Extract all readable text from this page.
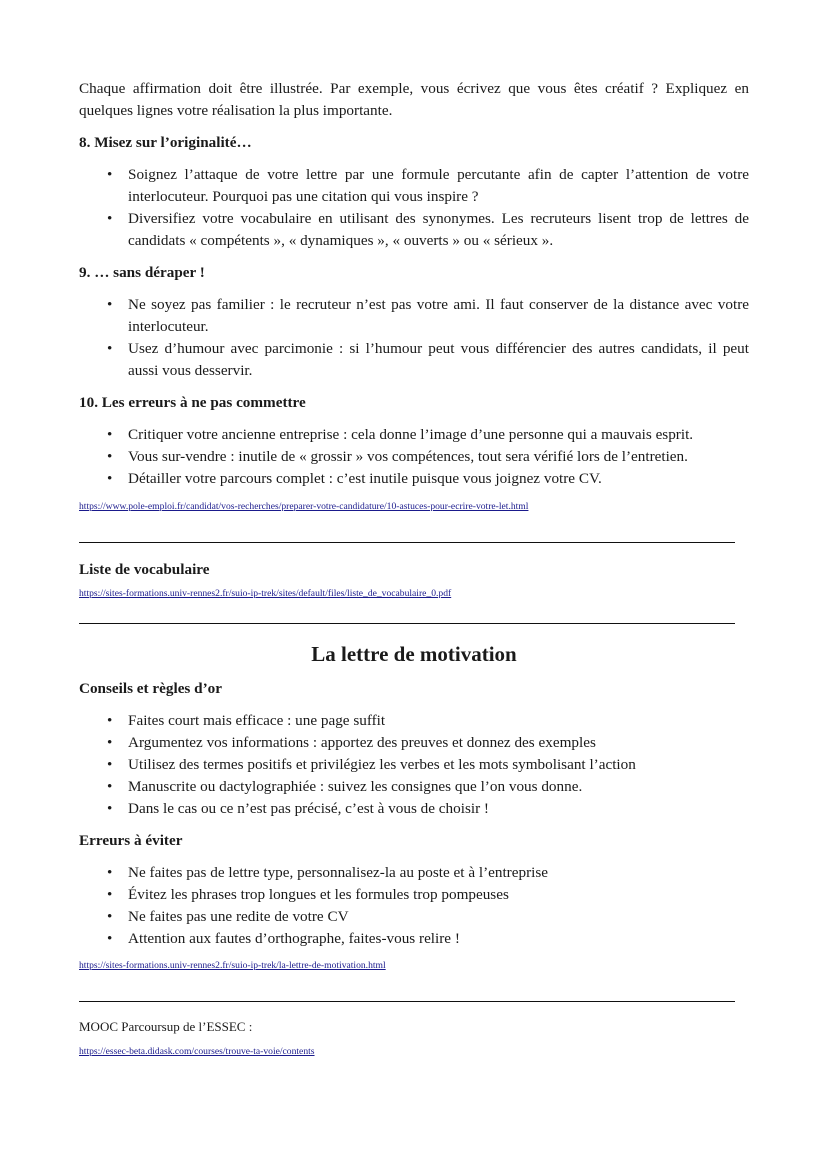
Chaque affirmation doit être illustrée. Par exemple, vous écrivez que vous êtes créatif ? Expliquez en quelques lignes votre réalisation la plus importante.

8. Misez sur l’originalité…

• Soignez l’attaque de votre lettre par une formule percutante afin de capter l’attention de votre interlocuteur. Pourquoi pas une citation qui vous inspire ?
• Diversifiez votre vocabulaire en utilisant des synonymes. Les recruteurs lisent trop de lettres de candidats « compétents », « dynamiques », « ouverts » ou « sérieux ».

9. … sans déraper !

• Ne soyez pas familier : le recruteur n’est pas votre ami. Il faut conserver de la distance avec votre interlocuteur.
• Usez d’humour avec parcimonie : si l’humour peut vous différencier des autres candidats, il peut aussi vous desservir.

10. Les erreurs à ne pas commettre

• Critiquer votre ancienne entreprise : cela donne l’image d’une personne qui a mauvais esprit.
• Vous sur-vendre : inutile de « grossir » vos compétences, tout sera vérifié lors de l’entretien.
• Détailler votre parcours complet : c’est inutile puisque vous joignez votre CV.
https://www.pole-emploi.fr/candidat/vos-recherches/preparer-votre-candidature/10-astuces-pour-ecrire-votre-let.html

Liste de vocabulaire

https://sites-formations.univ-rennes2.fr/suio-ip-trek/sites/default/files/liste_de_vocabulaire_0.pdf

La lettre de motivation

Conseils et règles d’or

• Faites court mais efficace : une page suffit
• Argumentez vos informations : apportez des preuves et donnez des exemples
• Utilisez des termes positifs et privilégiez les verbes et les mots symbolisant l’action
• Manuscrite ou dactylographiée : suivez les consignes que l’on vous donne.
• Dans le cas ou ce n’est pas précisé, c’est à vous de choisir !

Erreurs à éviter

• Ne faites pas de lettre type, personnalisez-la au poste et à l’entreprise
• Évitez les phrases trop longues et les formules trop pompeuses
• Ne faites pas une redite de votre CV
• Attention aux fautes d’orthographe, faites-vous relire !
https://sites-formations.univ-rennes2.fr/suio-ip-trek/la-lettre-de-motivation.html

MOOC Parcoursup de l’ESSEC :

https://essec-beta.didask.com/courses/trouve-ta-voie/contents
